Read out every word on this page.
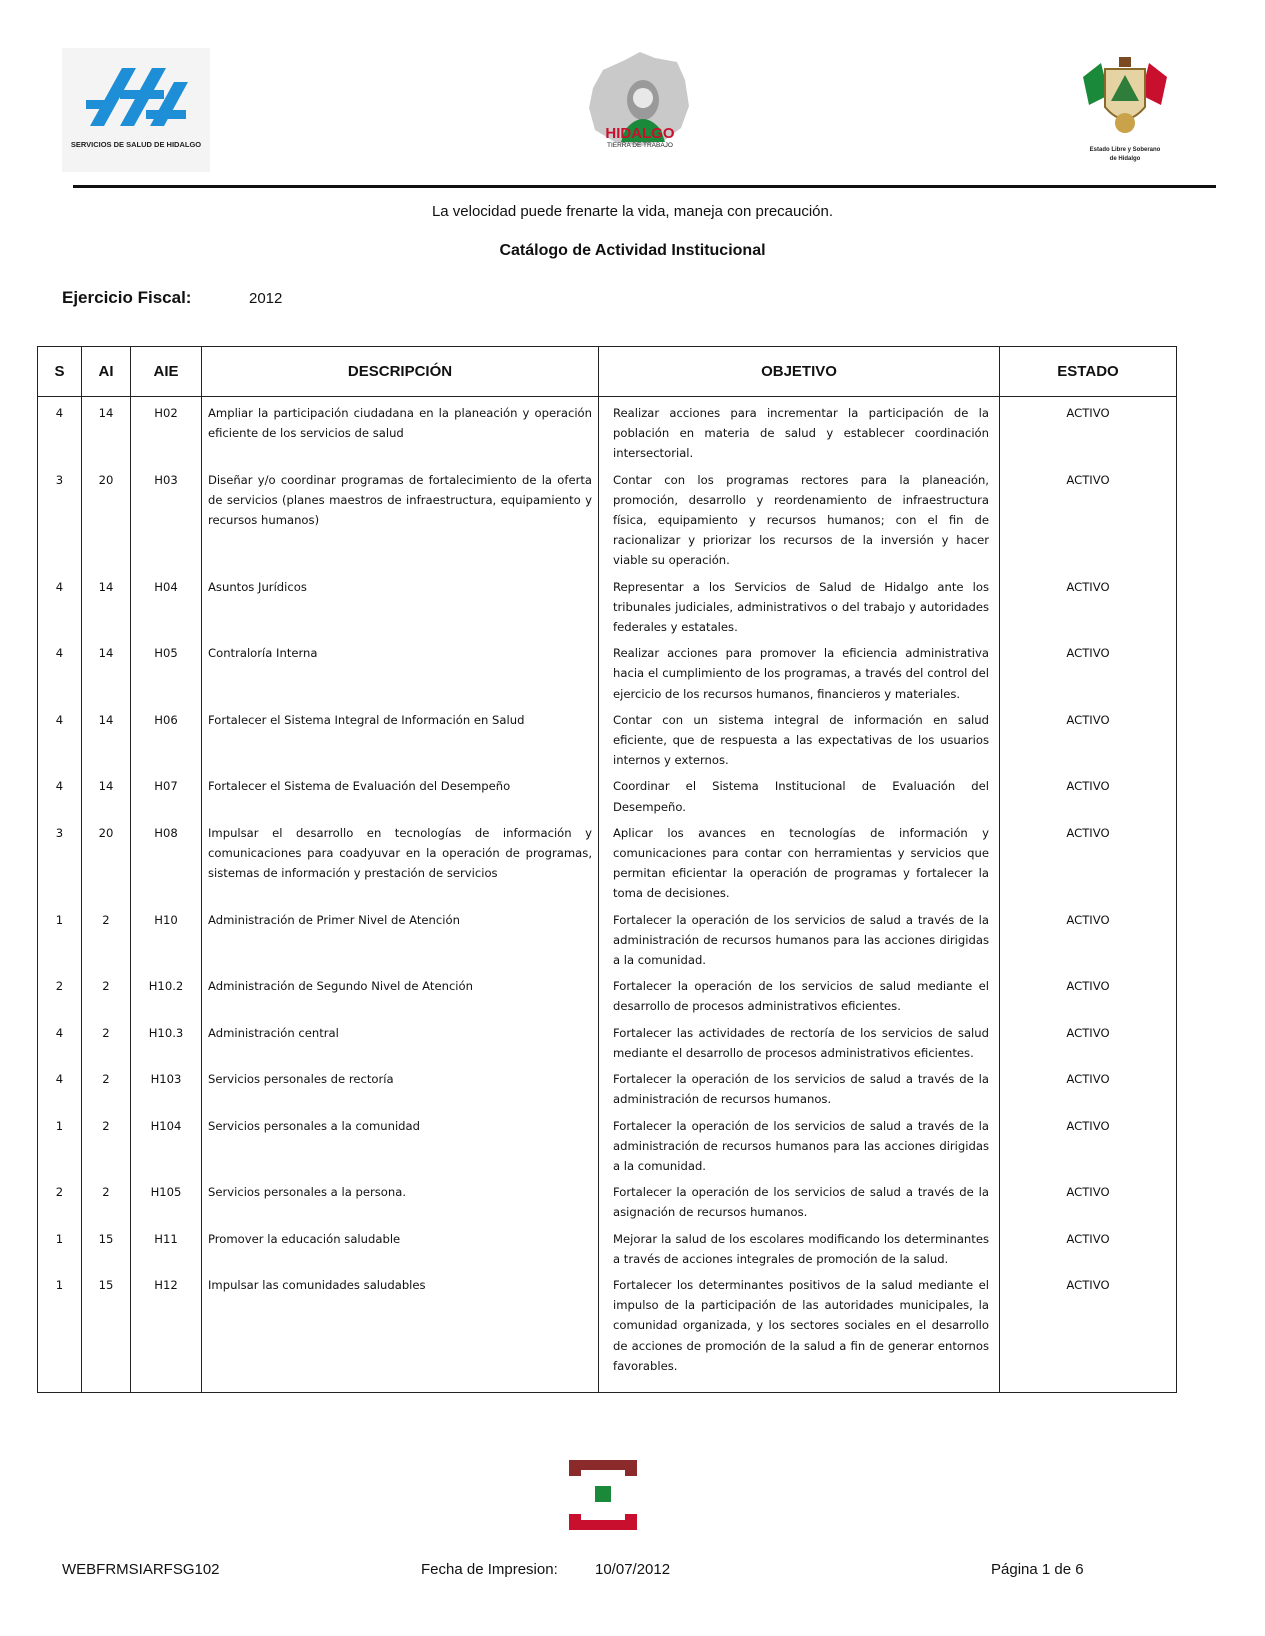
SERVICIOS DE SALUD DE HIDALGO
HIDALGO
TIERRA DE TRABAJO
Estado Libre y Soberano
de Hidalgo
La velocidad puede frenarte la vida, maneja con precaución.
Catálogo de Actividad Institucional
Ejercicio Fiscal:	2012
S	AI	AIE	DESCRIPCIÓN	OBJETIVO	ESTADO
4	14	H02	Ampliar la participación ciudadana en la planeación y operación eficiente de los servicios de salud	Realizar acciones para incrementar la participación de la población en materia de salud y establecer coordinación intersectorial.	ACTIVO
3	20	H03	Diseñar y/o coordinar programas de fortalecimiento de la oferta de servicios (planes maestros de infraestructura, equipamiento y recursos humanos)	Contar con los programas rectores para la planeación, promoción, desarrollo y reordenamiento de infraestructura física, equipamiento y recursos humanos; con el fin de racionalizar y priorizar los recursos de la inversión y hacer viable su operación.	ACTIVO
4	14	H04	Asuntos Jurídicos	Representar a los Servicios de Salud de Hidalgo ante los tribunales judiciales, administrativos o del trabajo y autoridades federales y estatales.	ACTIVO
4	14	H05	Contraloría Interna	Realizar acciones para promover la eficiencia administrativa hacia el cumplimiento de los programas, a través del control del ejercicio de los recursos humanos, financieros y materiales.	ACTIVO
4	14	H06	Fortalecer el Sistema Integral de Información en Salud	Contar con un sistema integral de información en salud eficiente, que de respuesta a las expectativas de los usuarios internos y externos.	ACTIVO
4	14	H07	Fortalecer el Sistema de Evaluación del Desempeño	Coordinar el Sistema Institucional de Evaluación del Desempeño.	ACTIVO
3	20	H08	Impulsar el desarrollo en tecnologías de información y comunicaciones para coadyuvar en la operación de programas, sistemas de información y prestación de servicios	Aplicar los avances en tecnologías de información y comunicaciones para contar con herramientas y servicios que permitan eficientar la operación de programas y fortalecer la toma de decisiones.	ACTIVO
1	2	H10	Administración de Primer Nivel de Atención	Fortalecer la operación de los servicios de salud a través de la administración de recursos humanos para las acciones dirigidas a la comunidad.	ACTIVO
2	2	H10.2	Administración de Segundo Nivel de Atención	Fortalecer la operación de los servicios de salud mediante el desarrollo de procesos administrativos eficientes.	ACTIVO
4	2	H10.3	Administración central	Fortalecer las actividades de rectoría de los servicios de salud mediante el desarrollo de procesos administrativos eficientes.	ACTIVO
4	2	H103	Servicios personales de rectoría	Fortalecer la operación de los servicios de salud a través de la administración de recursos humanos.	ACTIVO
1	2	H104	Servicios personales a la comunidad	Fortalecer la operación de los servicios de salud a través de la administración de recursos humanos para las acciones dirigidas a la comunidad.	ACTIVO
2	2	H105	Servicios personales a la persona.	Fortalecer la operación de los servicios de salud a través de la asignación de recursos humanos.	ACTIVO
1	15	H11	Promover la educación saludable	Mejorar la salud de los escolares modificando los determinantes a través de acciones integrales de promoción de la salud.	ACTIVO
1	15	H12	Impulsar las comunidades saludables	Fortalecer los determinantes positivos de la salud mediante el impulso de la participación de las autoridades municipales, la comunidad organizada, y los sectores sociales en el desarrollo de acciones de promoción de la salud a fin de generar entornos favorables.	ACTIVO
WEBFRMSIARFSG102	Fecha de Impresion: 10/07/2012	Página 1 de 6
